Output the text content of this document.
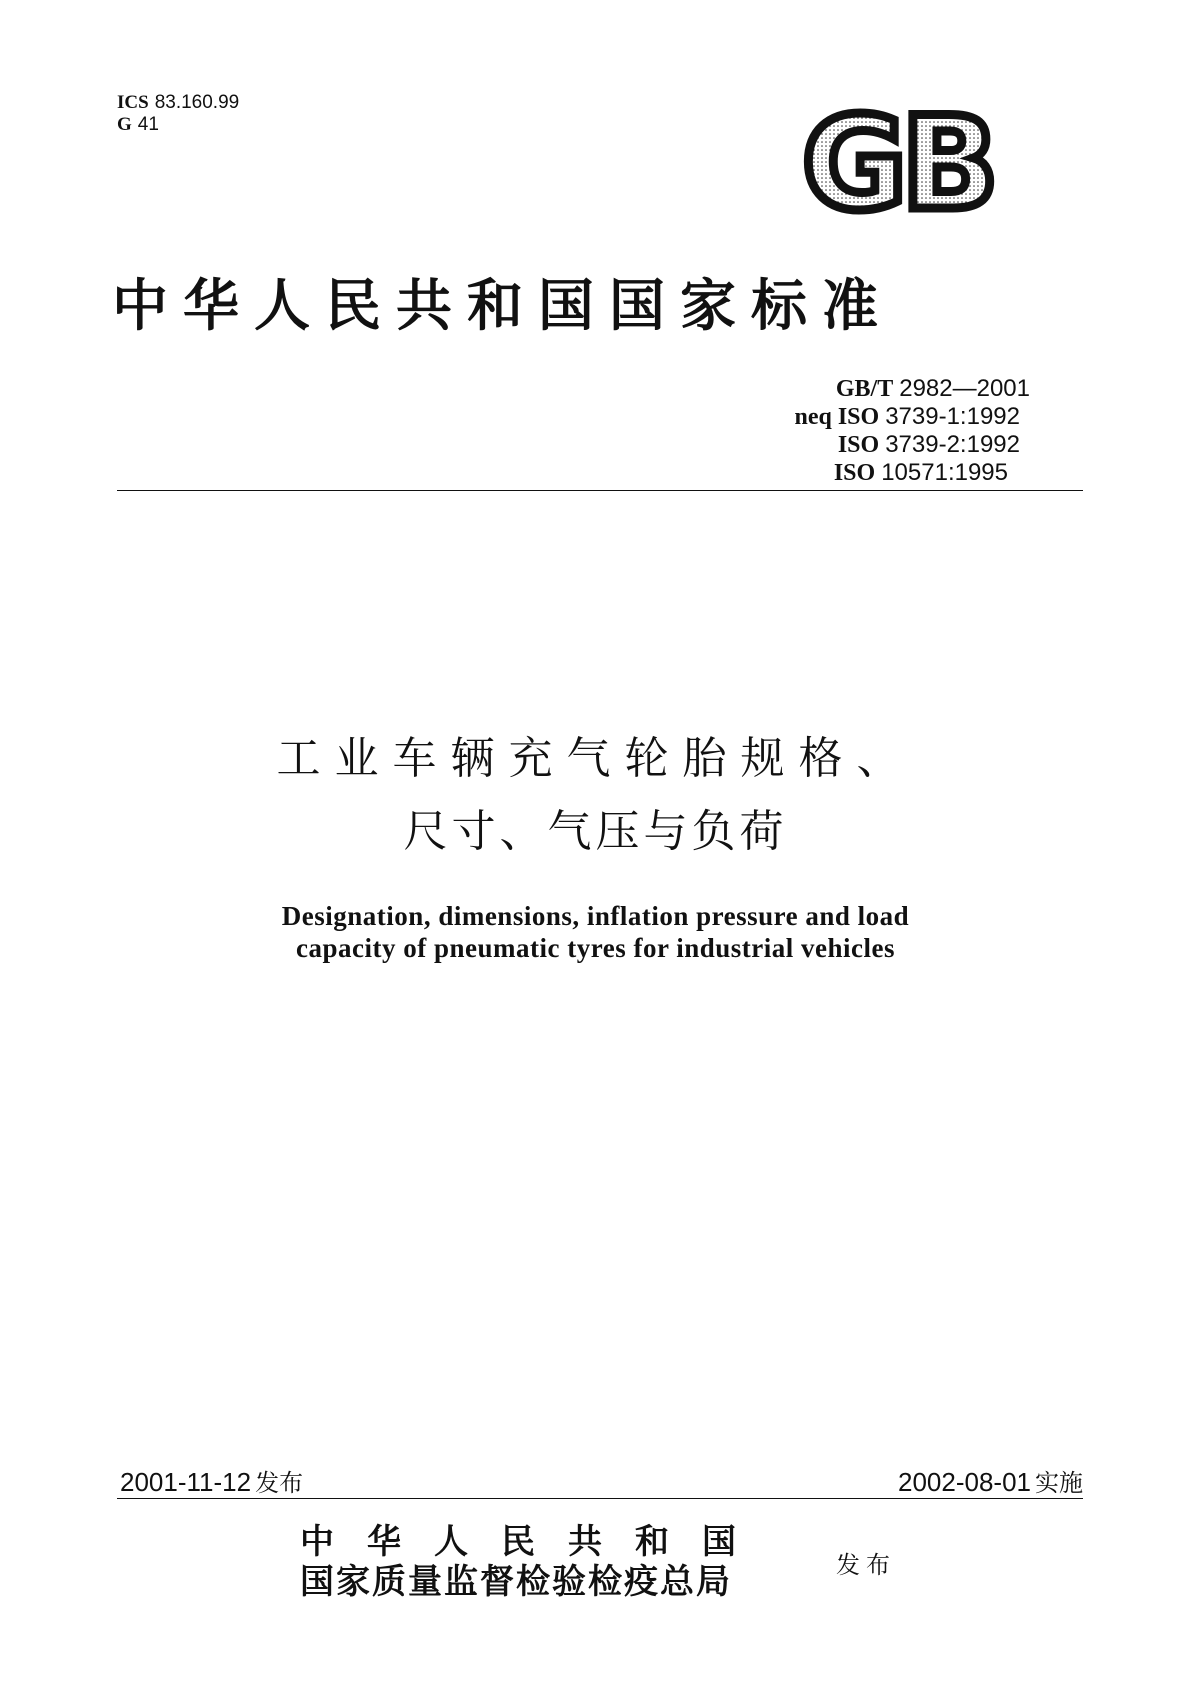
ICS 83.160.99
G 41	GB
中华人民共和国国家标准
GB/T 2982—2001
neq ISO 3739-1:1992
ISO 3739-2:1992
ISO 10571:1995
工业车辆充气轮胎规格、
尺寸、气压与负荷
Designation, dimensions, inflation pressure and load
capacity of pneumatic tyres for industrial vehicles
2001-11-12 发布	2002-08-01 实施
中华人民共和国
国家质量监督检验检疫总局	发布
